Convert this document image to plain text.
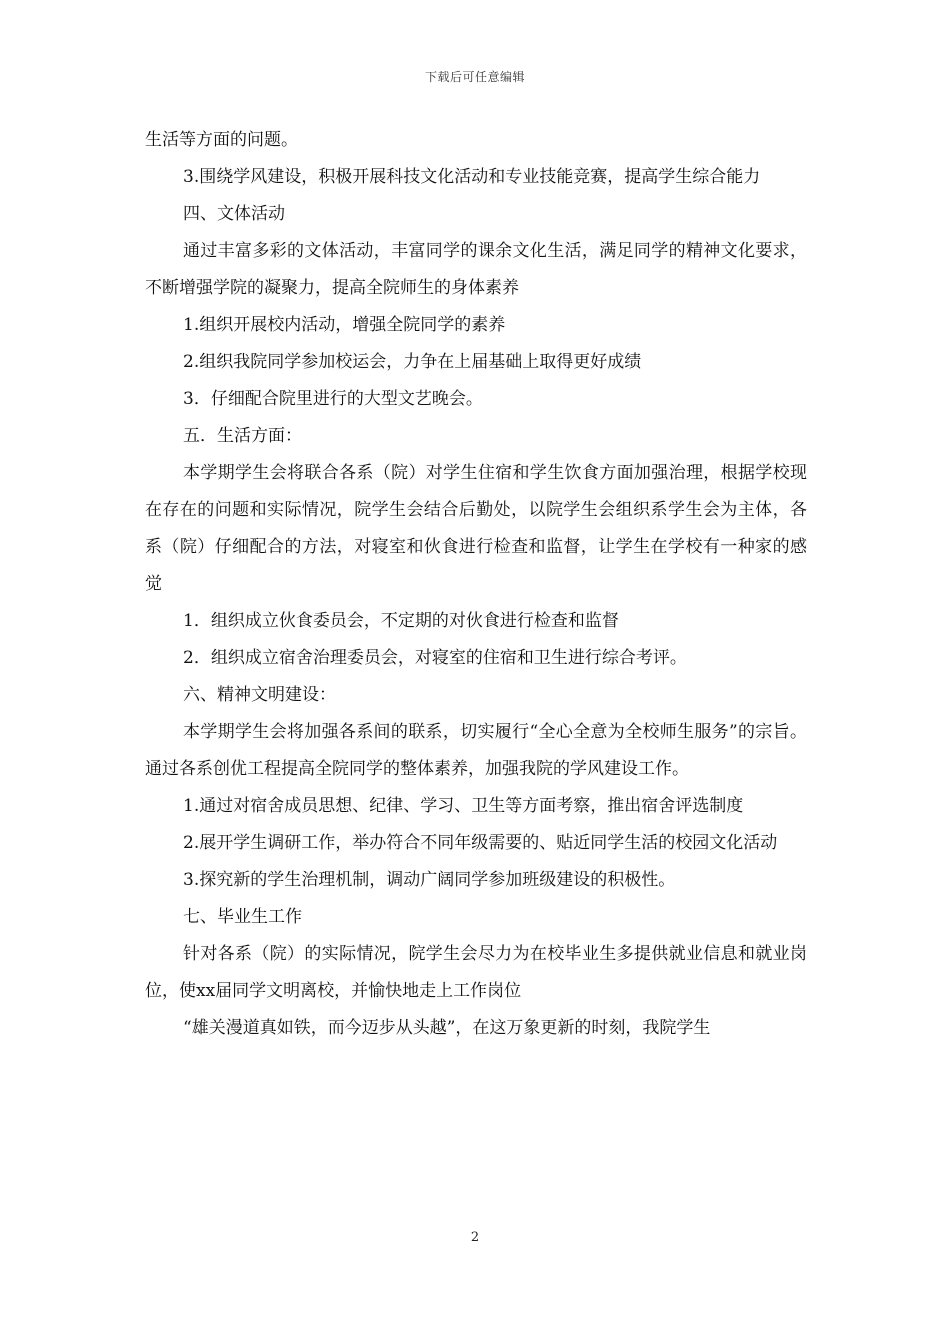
下载后可任意编辑

生活等方面的问题。

3.围绕学风建设，积极开展科技文化活动和专业技能竞赛，提高学生综合能力

四、文体活动

通过丰富多彩的文体活动，丰富同学的课余文化生活，满足同学的精神文化要求，不断增强学院的凝聚力，提高全院师生的身体素养

1.组织开展校内活动，增强全院同学的素养

2.组织我院同学参加校运会，力争在上届基础上取得更好成绩

3．仔细配合院里进行的大型文艺晚会。

五．生活方面：

本学期学生会将联合各系（院）对学生住宿和学生饮食方面加强治理，根据学校现在存在的问题和实际情况，院学生会结合后勤处，以院学生会组织系学生会为主体，各系（院）仔细配合的方法，对寝室和伙食进行检查和监督，让学生在学校有一种家的感觉

1．组织成立伙食委员会，不定期的对伙食进行检查和监督

2．组织成立宿舍治理委员会，对寝室的住宿和卫生进行综合考评。

六、精神文明建设：

本学期学生会将加强各系间的联系，切实履行“全心全意为全校师生服务”的宗旨。通过各系创优工程提高全院同学的整体素养，加强我院的学风建设工作。

1.通过对宿舍成员思想、纪律、学习、卫生等方面考察，推出宿舍评选制度

2.展开学生调研工作，举办符合不同年级需要的、贴近同学生活的校园文化活动

3.探究新的学生治理机制，调动广阔同学参加班级建设的积极性。

七、毕业生工作

针对各系（院）的实际情况，院学生会尽力为在校毕业生多提供就业信息和就业岗位，使xx届同学文明离校，并愉快地走上工作岗位

“雄关漫道真如铁，而今迈步从头越”，在这万象更新的时刻，我院学生

2
